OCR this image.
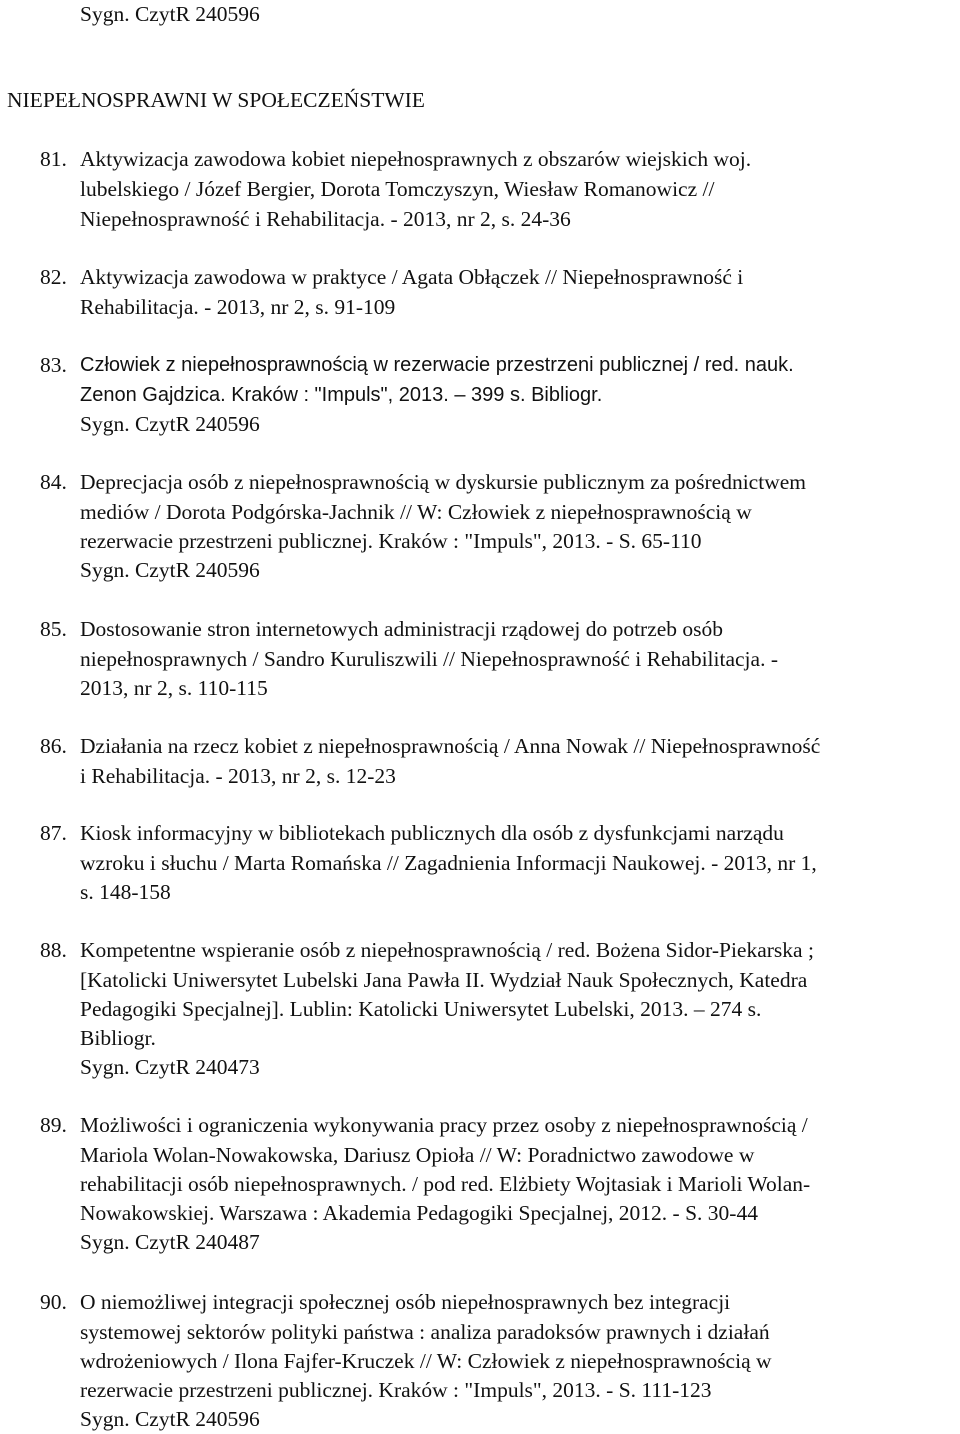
Sygn. CzytR 240596
NIEPEŁNOSPRAWNI W SPOŁECZEŃSTWIE
81. Aktywizacja zawodowa kobiet niepełnosprawnych z obszarów wiejskich woj.
lubelskiego / Józef Bergier, Dorota Tomczyszyn, Wiesław Romanowicz //
Niepełnosprawność i Rehabilitacja. - 2013, nr 2, s. 24-36
82. Aktywizacja zawodowa w praktyce / Agata Obłączek // Niepełnosprawność i
Rehabilitacja. - 2013, nr 2, s. 91-109
83. Człowiek z niepełnosprawnością w rezerwacie przestrzeni publicznej / red. nauk.
Zenon Gajdzica. Kraków : "Impuls", 2013. – 399 s. Bibliogr.
Sygn. CzytR 240596
84. Deprecjacja osób z niepełnosprawnością w dyskursie publicznym za pośrednictwem
mediów / Dorota Podgórska-Jachnik // W: Człowiek z niepełnosprawnością w
rezerwacie przestrzeni publicznej. Kraków : "Impuls", 2013. - S. 65-110
Sygn. CzytR 240596
85. Dostosowanie stron internetowych administracji rządowej do potrzeb osób
niepełnosprawnych / Sandro Kuruliszwili // Niepełnosprawność i Rehabilitacja. -
2013, nr 2, s. 110-115
86. Działania na rzecz kobiet z niepełnosprawnością / Anna Nowak // Niepełnosprawność
i Rehabilitacja. - 2013, nr 2, s. 12-23
87. Kiosk informacyjny w bibliotekach publicznych dla osób z dysfunkcjami narządu
wzroku i słuchu / Marta Romańska // Zagadnienia Informacji Naukowej. - 2013, nr 1,
s. 148-158
88. Kompetentne wspieranie osób z niepełnosprawnością / red. Bożena Sidor-Piekarska ;
[Katolicki Uniwersytet Lubelski Jana Pawła II. Wydział Nauk Społecznych, Katedra
Pedagogiki Specjalnej]. Lublin: Katolicki Uniwersytet Lubelski, 2013. – 274 s.
Bibliogr.
Sygn. CzytR 240473
89. Możliwości i ograniczenia wykonywania pracy przez osoby z niepełnosprawnością /
Mariola Wolan-Nowakowska, Dariusz Opioła // W: Poradnictwo zawodowe w
rehabilitacji osób niepełnosprawnych. / pod red. Elżbiety Wojtasiak i Marioli Wolan-
Nowakowskiej. Warszawa : Akademia Pedagogiki Specjalnej, 2012. - S. 30-44
Sygn. CzytR 240487
90. O niemożliwej integracji społecznej osób niepełnosprawnych bez integracji
systemowej sektorów polityki państwa : analiza paradoksów prawnych i działań
wdrożeniowych / Ilona Fajfer-Kruczek // W: Człowiek z niepełnosprawnością w
rezerwacie przestrzeni publicznej. Kraków : "Impuls", 2013. - S. 111-123
Sygn. CzytR 240596
